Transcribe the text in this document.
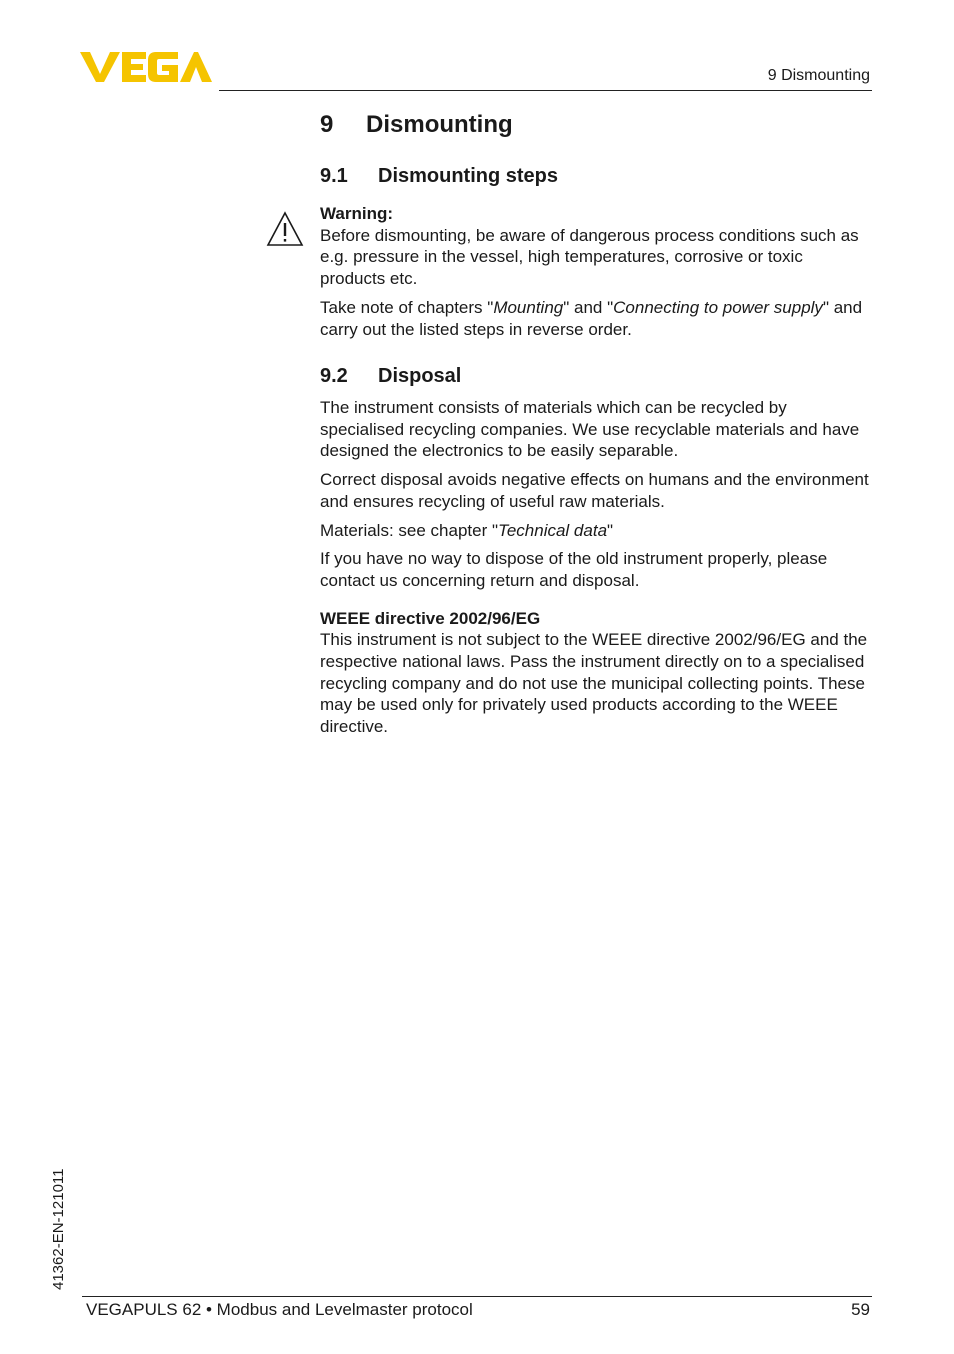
9 Dismounting
9 Dismounting
9.1 Dismounting steps
Warning:

Before dismounting, be aware of dangerous process conditions such as e.g. pressure in the vessel, high temperatures, corrosive or toxic products etc.

Take note of chapters "Mounting" and "Connecting to power supply" and carry out the listed steps in reverse order.

9.2 Disposal

The instrument consists of materials which can be recycled by specialised recycling companies. We use recyclable materials and have designed the electronics to be easily separable.

Correct disposal avoids negative effects on humans and the environment and ensures recycling of useful raw materials.

Materials: see chapter "Technical data"

If you have no way to dispose of the old instrument properly, please contact us concerning return and disposal.

WEEE directive 2002/96/EG

This instrument is not subject to the WEEE directive 2002/96/EG and the respective national laws. Pass the instrument directly on to a specialised recycling company and do not use the municipal collecting points. These may be used only for privately used products according to the WEEE directive.

41362-EN-121011
VEGAPULS 62 • Modbus and Levelmaster protocol	59
